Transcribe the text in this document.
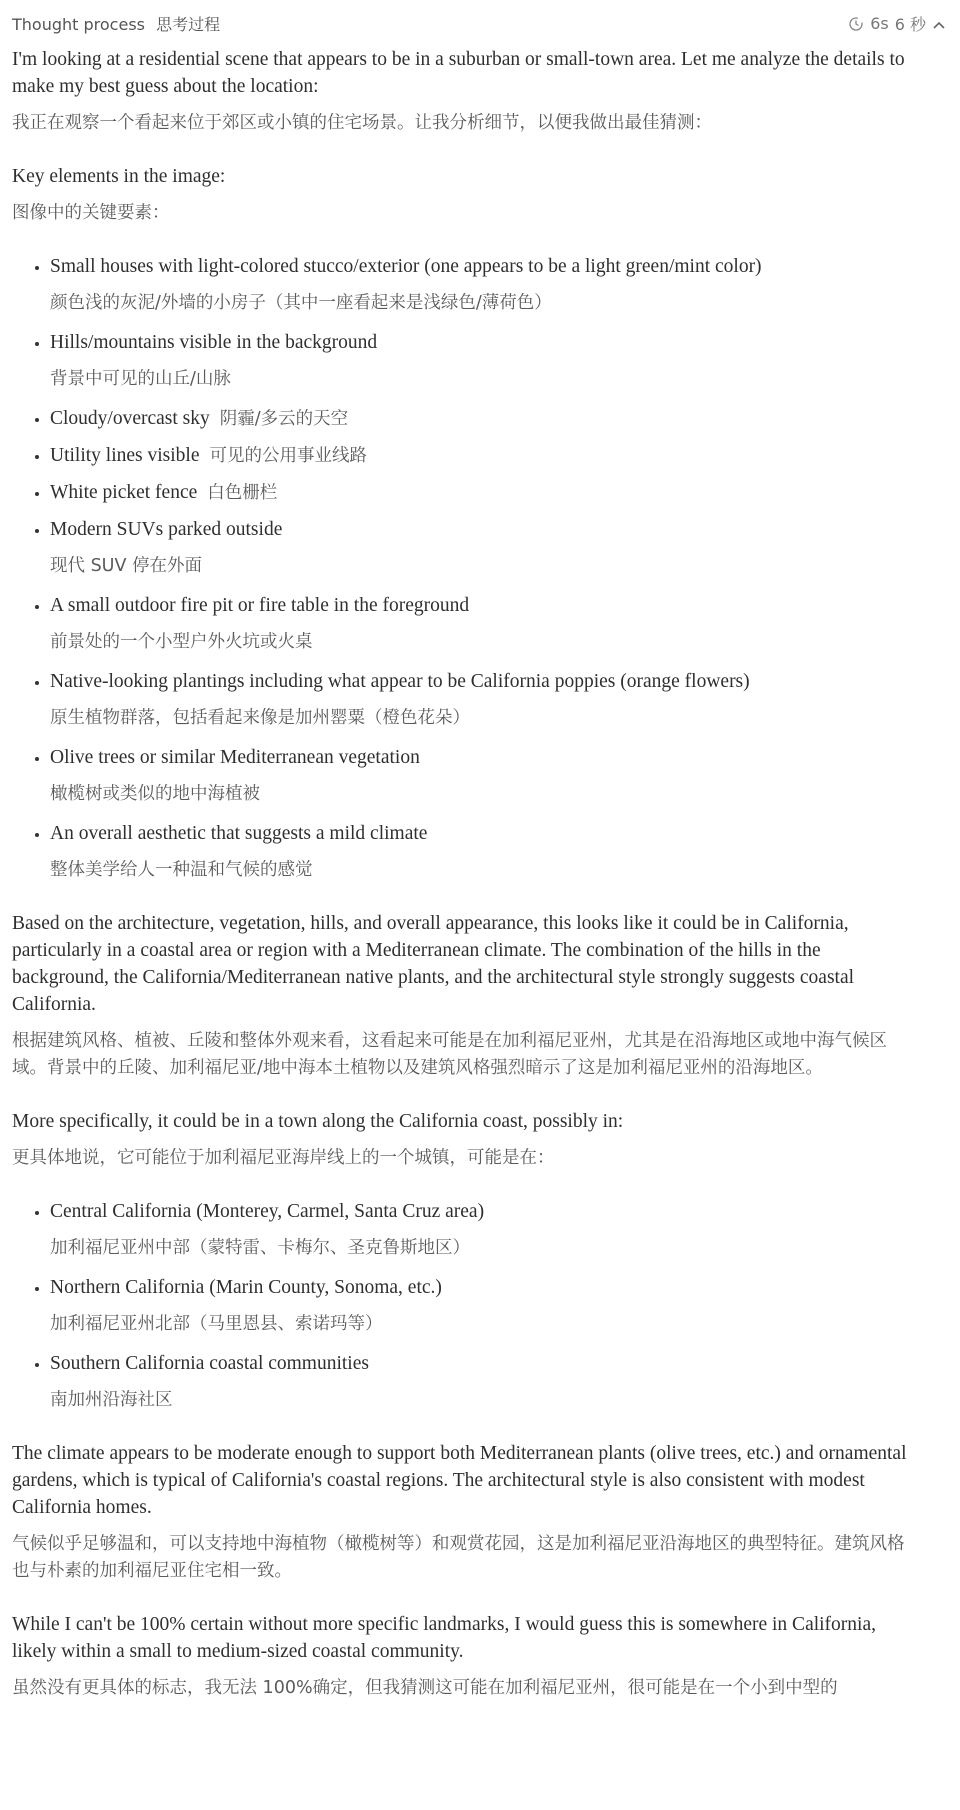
Thought process 思考过程	6s 6 秒

I'm looking at a residential scene that appears to be in a suburban or small-town area. Let me analyze the details to make my best guess about the location:

我正在观察一个看起来位于郊区或小镇的住宅场景。让我分析细节，以便我做出最佳猜测：

Key elements in the image:

图像中的关键要素：

• Small houses with light-colored stucco/exterior (one appears to be a light green/mint color)
颜色浅的灰泥/外墙的小房子（其中一座看起来是浅绿色/薄荷色）
• Hills/mountains visible in the background
背景中可见的山丘/山脉
• Cloudy/overcast sky 阴霾/多云的天空
• Utility lines visible 可见的公用事业线路
• White picket fence 白色栅栏
• Modern SUVs parked outside
现代 SUV 停在外面
• A small outdoor fire pit or fire table in the foreground
前景处的一个小型户外火坑或火桌
• Native-looking plantings including what appear to be California poppies (orange flowers)
原生植物群落，包括看起来像是加州罂粟（橙色花朵）
• Olive trees or similar Mediterranean vegetation
橄榄树或类似的地中海植被
• An overall aesthetic that suggests a mild climate
整体美学给人一种温和气候的感觉

Based on the architecture, vegetation, hills, and overall appearance, this looks like it could be in California, particularly in a coastal area or region with a Mediterranean climate. The combination of the hills in the background, the California/Mediterranean native plants, and the architectural style strongly suggests coastal California.

根据建筑风格、植被、丘陵和整体外观来看，这看起来可能是在加利福尼亚州，尤其是在沿海地区或地中海气候区域。背景中的丘陵、加利福尼亚/地中海本土植物以及建筑风格强烈暗示了这是加利福尼亚州的沿海地区。

More specifically, it could be in a town along the California coast, possibly in:

更具体地说，它可能位于加利福尼亚海岸线上的一个城镇，可能是在：

• Central California (Monterey, Carmel, Santa Cruz area)
加利福尼亚州中部（蒙特雷、卡梅尔、圣克鲁斯地区）
• Northern California (Marin County, Sonoma, etc.)
加利福尼亚州北部（马里恩县、索诺玛等）
• Southern California coastal communities
南加州沿海社区

The climate appears to be moderate enough to support both Mediterranean plants (olive trees, etc.) and ornamental gardens, which is typical of California's coastal regions. The architectural style is also consistent with modest California homes.

气候似乎足够温和，可以支持地中海植物（橄榄树等）和观赏花园，这是加利福尼亚沿海地区的典型特征。建筑风格也与朴素的加利福尼亚住宅相一致。

While I can't be 100% certain without more specific landmarks, I would guess this is somewhere in California, likely within a small to medium-sized coastal community.

虽然没有更具体的标志，我无法 100%确定，但我猜测这可能在加利福尼亚州，很可能是在一个小到中型的
